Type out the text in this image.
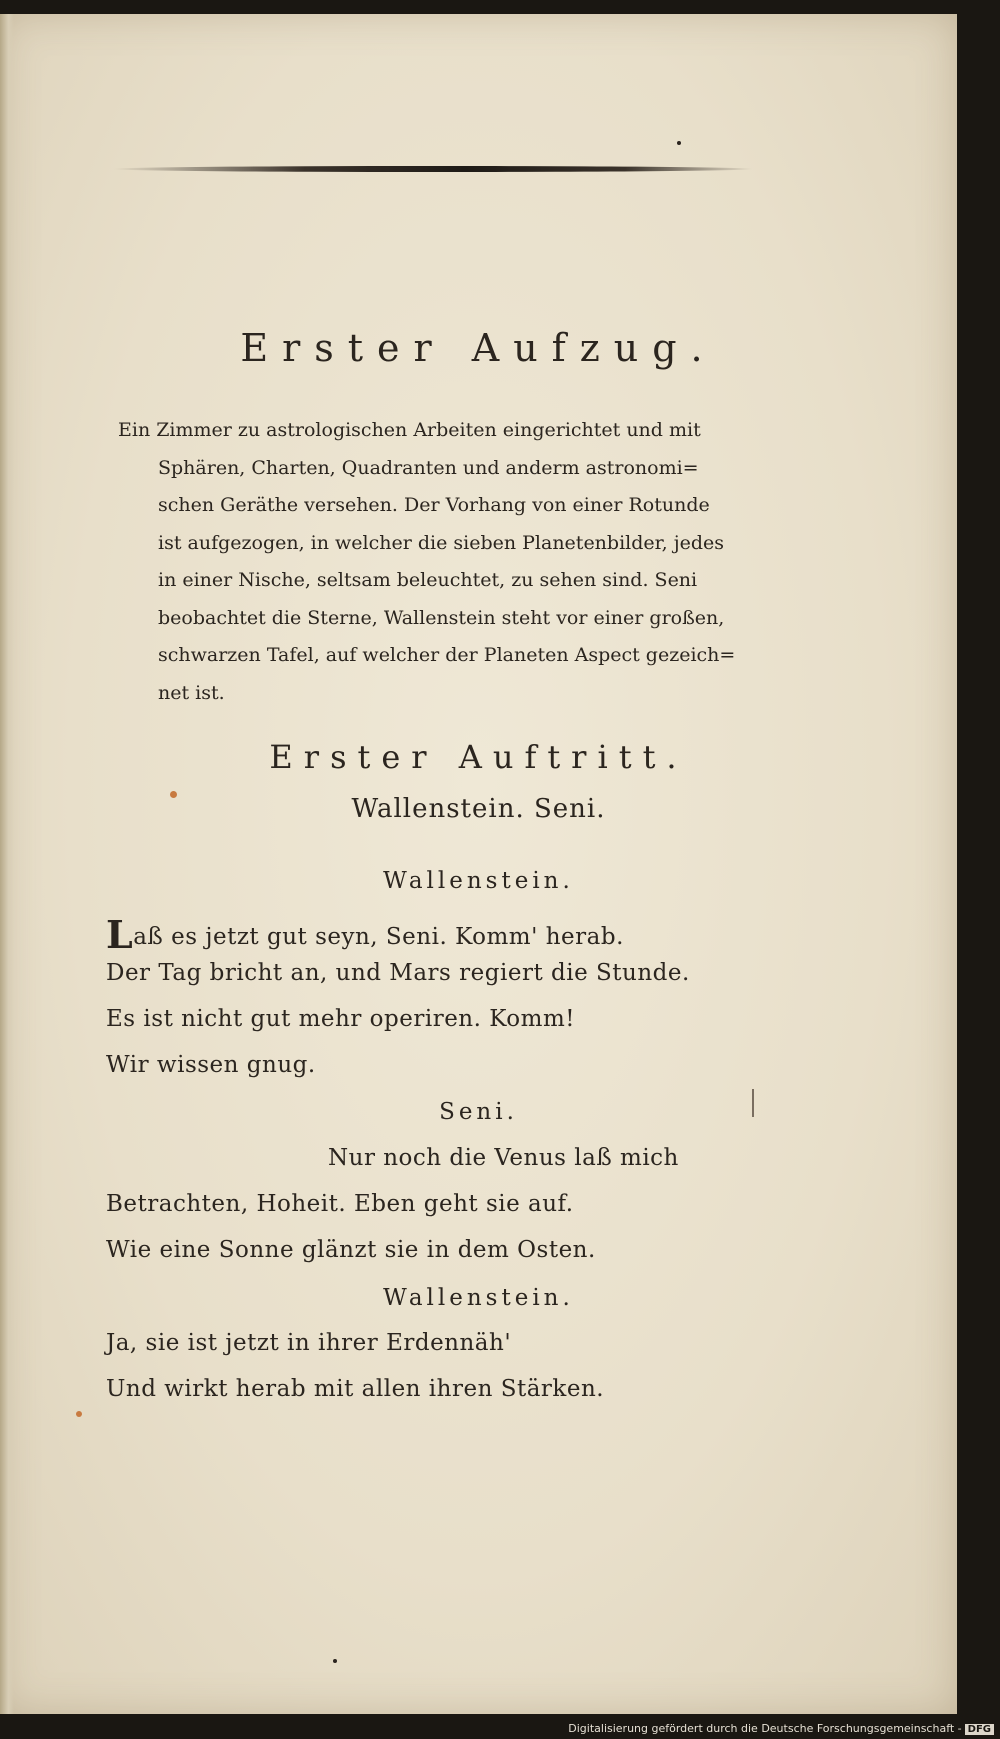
Erster Aufzug.
Ein Zimmer zu astrologischen Arbeiten eingerichtet und mit
Sphären, Charten, Quadranten und anderm astronomi=
schen Geräthe versehen. Der Vorhang von einer Rotunde
ist aufgezogen, in welcher die sieben Planetenbilder, jedes
in einer Nische, seltsam beleuchtet, zu sehen sind. Seni
beobachtet die Sterne, Wallenstein steht vor einer großen,
schwarzen Tafel, auf welcher der Planeten Aspect gezeich=
net ist.
Erster Auftritt.
Wallenstein. Seni.
Wallenstein.
Laß es jetzt gut seyn, Seni. Komm' herab.
Der Tag bricht an, und Mars regiert die Stunde.
Es ist nicht gut mehr operiren. Komm!
Wir wissen gnug.
Seni.
Nur noch die Venus laß mich
Betrachten, Hoheit. Eben geht sie auf.
Wie eine Sonne glänzt sie in dem Osten.
Wallenstein.
Ja, sie ist jetzt in ihrer Erdennäh'
Und wirkt herab mit allen ihren Stärken.
Digitalisierung gefördert durch die Deutsche Forschungsgemeinschaft - DFG
